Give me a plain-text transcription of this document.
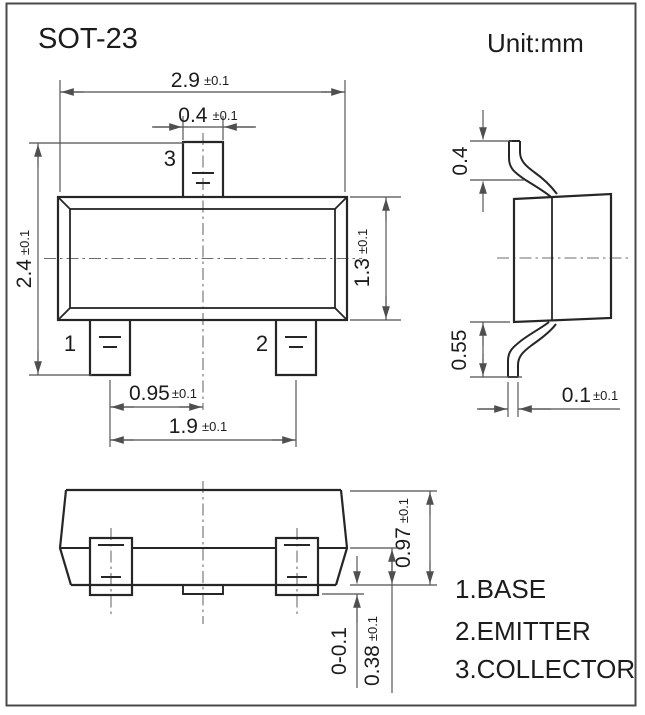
SOT-23	Unit:mm
3
1	2
2.9 ±0.1
0.4 ±0.1
2.4±0.1
1.3±0.1
0.95 ±0.1
1.9 ±0.1
0.4
0.55
0.1 ±0.1
0.97±0.1
0.38±0.1
0-0.1
1.BASE
2.EMITTER
3.COLLECTOR
